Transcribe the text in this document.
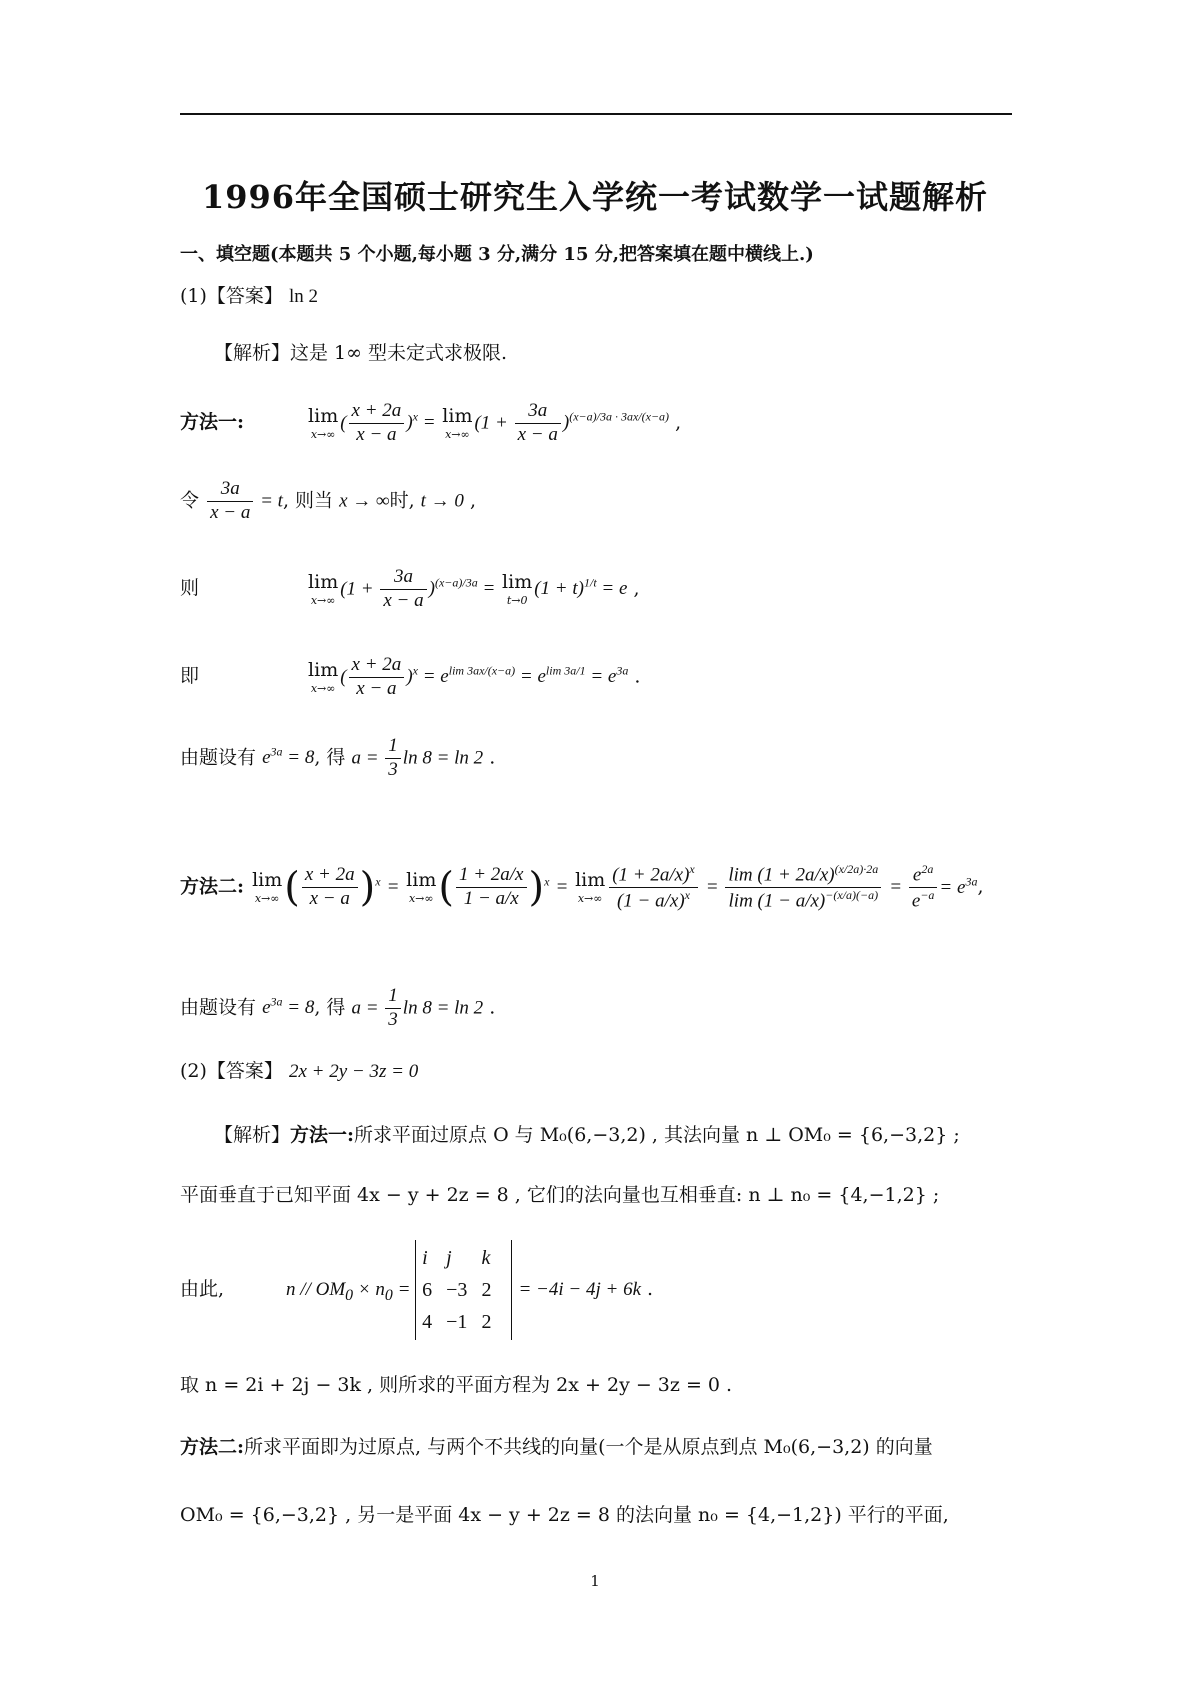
1996年全国硕士研究生入学统一考试数学一试题解析
一、填空题(本题共 5 个小题,每小题 3 分,满分 15 分,把答案填在题中横线上.)
(1)【答案】 ln 2
【解析】这是 1∞ 型未定式求极限.
方法一:	lim
x→∞
( $\frac{x + 2a}{x - a} )^x = \lim$
x→∞
$(1 + \frac{3a}{x - a} )^{(x-a)/3a \cdot 3ax/(x-a)}$ ,
令 $\frac{3a}{x - a} = t$, 则当 x → ∞时, t → 0 ,
则	lim
x→∞
$(1 + \frac{3a}{x - a} )^{(x-a)/3a} = \lim$
t→0
$(1 + t)^{1/t} = e$ ,
即	lim
x→∞
( $\frac{x + 2a}{x - a} )^x = e^{lim 3ax/(x-a)} = e^{lim 3a/1} = e^{3a}$ .
由题设有 $e^{3a} = 8$, 得 $a = \frac{1}{3}$ ln 8 = ln 2 .
方法二: lim
x→∞ ( $\frac{x + 2a}{x - a} )^x = \lim$
x→∞ ( $\frac{1 + 2a/x}{1 - a/x} )^x = \lim$
$x\to\infty \frac{(1 + 2a/x)^x}{(1 - a/x)^x} = \frac{\lim (1 + 2a/x)^{(x/2a)\cdot 2a}}{\lim (1 - a/x)^{-(x/a)(-a)}} = \frac{e^{2a}}{e^{-a}} = e^{3a}$,
由题设有 $e^{3a} = 8$, 得 $a = \frac{1}{3}$ ln 8 = ln 2 .
(2)【答案】 2x + 2y − 3z = 0
【解析】方法一:所求平面过原点 O 与 M₀(6,−3,2) , 其法向量 n ⊥ OM₀ = {6,−3,2} ;
平面垂直于已知平面 4x − y + 2z = 8 , 它们的法向量也互相垂直: n ⊥ n₀ = {4,−1,2} ;
由此,	$n // OM_0 \times n_0$ =
i	j	k
6	−3	2
4	−1	2
= −4i − 4j + 6k .
取 n = 2i + 2j − 3k , 则所求的平面方程为 2x + 2y − 3z = 0 .
方法二:所求平面即为过原点, 与两个不共线的向量(一个是从原点到点 M₀(6,−3,2) 的向量
OM₀ = {6,−3,2} , 另一是平面 4x − y + 2z = 8 的法向量 n₀ = {4,−1,2}) 平行的平面,
1
